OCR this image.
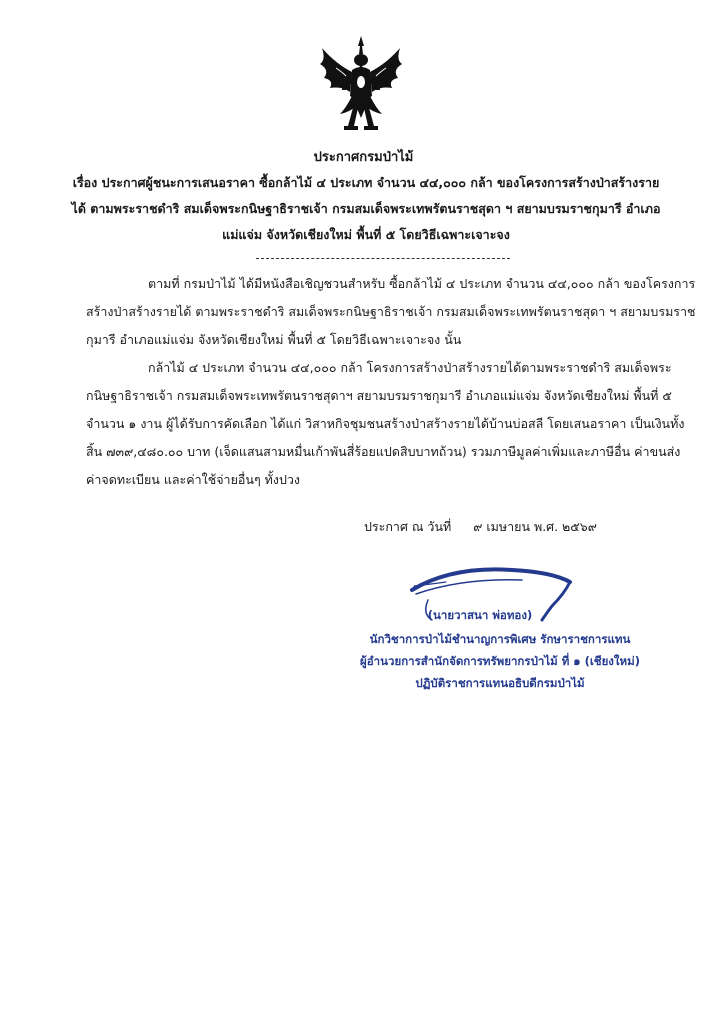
ประกาศกรมป่าไม้
เรื่อง ประกาศผู้ชนะการเสนอราคา ซื้อกล้าไม้ ๔ ประเภท จำนวน ๔๔,๐๐๐ กล้า ของโครงการสร้างป่าสร้างราย
ได้ ตามพระราชดำริ สมเด็จพระกนิษฐาธิราชเจ้า กรมสมเด็จพระเทพรัตนราชสุดา ฯ สยามบรมราชกุมารี อำเภอ
แม่แจ่ม จังหวัดเชียงใหม่ พื้นที่ ๕ โดยวิธีเฉพาะเจาะจง
ตามที่ กรมป่าไม้ ได้มีหนังสือเชิญชวนสำหรับ ซื้อกล้าไม้ ๔ ประเภท จำนวน ๔๔,๐๐๐ กล้า ของโครงการ
สร้างป่าสร้างรายได้ ตามพระราชดำริ สมเด็จพระกนิษฐาธิราชเจ้า กรมสมเด็จพระเทพรัตนราชสุดา ฯ สยามบรมราช
กุมารี อำเภอแม่แจ่ม จังหวัดเชียงใหม่ พื้นที่ ๕ โดยวิธีเฉพาะเจาะจง นั้น
กล้าไม้ ๔ ประเภท จำนวน ๔๔,๐๐๐ กล้า โครงการสร้างป่าสร้างรายได้ตามพระราชดำริ สมเด็จพระ
กนิษฐาธิราชเจ้า กรมสมเด็จพระเทพรัตนราชสุดาฯ สยามบรมราชกุมารี อำเภอแม่แจ่ม จังหวัดเชียงใหม่ พื้นที่ ๕
จำนวน ๑ งาน ผู้ได้รับการคัดเลือก ได้แก่ วิสาหกิจชุมชนสร้างป่าสร้างรายได้บ้านบ่อสลี โดยเสนอราคา เป็นเงินทั้ง
สิ้น ๗๓๙,๔๘๐.๐๐ บาท (เจ็ดแสนสามหมื่นเก้าพันสี่ร้อยแปดสิบบาทถ้วน) รวมภาษีมูลค่าเพิ่มและภาษีอื่น ค่าขนส่ง
ค่าจดทะเบียน และค่าใช้จ่ายอื่นๆ ทั้งปวง
ประกาศ ณ วันที่ ๙ เมษายน พ.ศ. ๒๕๖๙
(นายวาสนา พ่อทอง)
นักวิชาการป่าไม้ชำนาญการพิเศษ รักษาราชการแทน
ผู้อำนวยการสำนักจัดการทรัพยากรป่าไม้ ที่ ๑ (เชียงใหม่)
ปฏิบัติราชการแทนอธิบดีกรมป่าไม้
